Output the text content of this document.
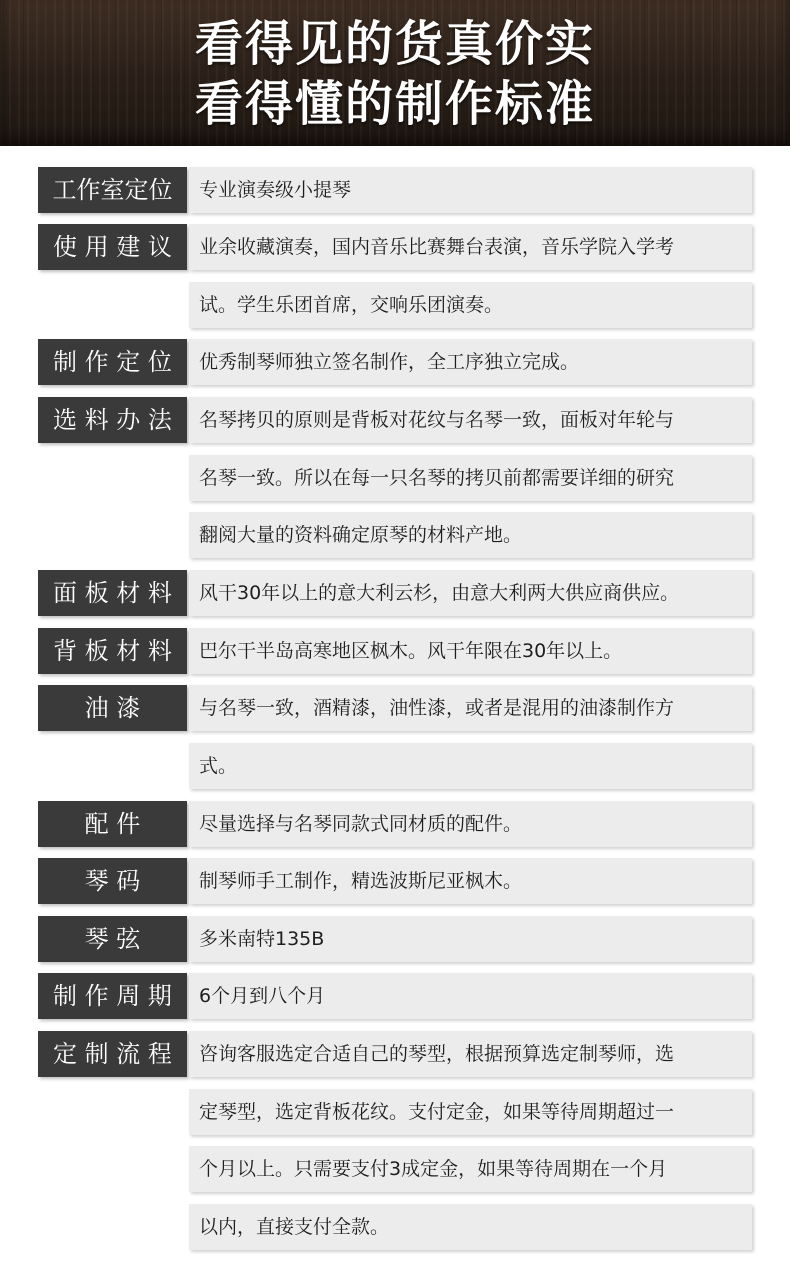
看得见的货真价实
看得懂的制作标准
工作室定位	专业演奏级小提琴
使 用 建 议	业余收藏演奏，国内音乐比赛舞台表演，音乐学院入学考
试。学生乐团首席，交响乐团演奏。
制 作 定 位	优秀制琴师独立签名制作，全工序独立完成。
选 料 办 法	名琴拷贝的原则是背板对花纹与名琴一致，面板对年轮与
名琴一致。所以在每一只名琴的拷贝前都需要详细的研究
翻阅大量的资料确定原琴的材料产地。
面 板 材 料	风干30年以上的意大利云杉，由意大利两大供应商供应。
背 板 材 料	巴尔干半岛高寒地区枫木。风干年限在30年以上。
油 漆	与名琴一致，酒精漆，油性漆，或者是混用的油漆制作方
式。
配 件	尽量选择与名琴同款式同材质的配件。
琴 码	制琴师手工制作，精选波斯尼亚枫木。
琴 弦	多米南特135B
制 作 周 期	6个月到八个月
定 制 流 程	咨询客服选定合适自己的琴型，根据预算选定制琴师，选
定琴型，选定背板花纹。支付定金，如果等待周期超过一
个月以上。只需要支付3成定金，如果等待周期在一个月
以内，直接支付全款。
